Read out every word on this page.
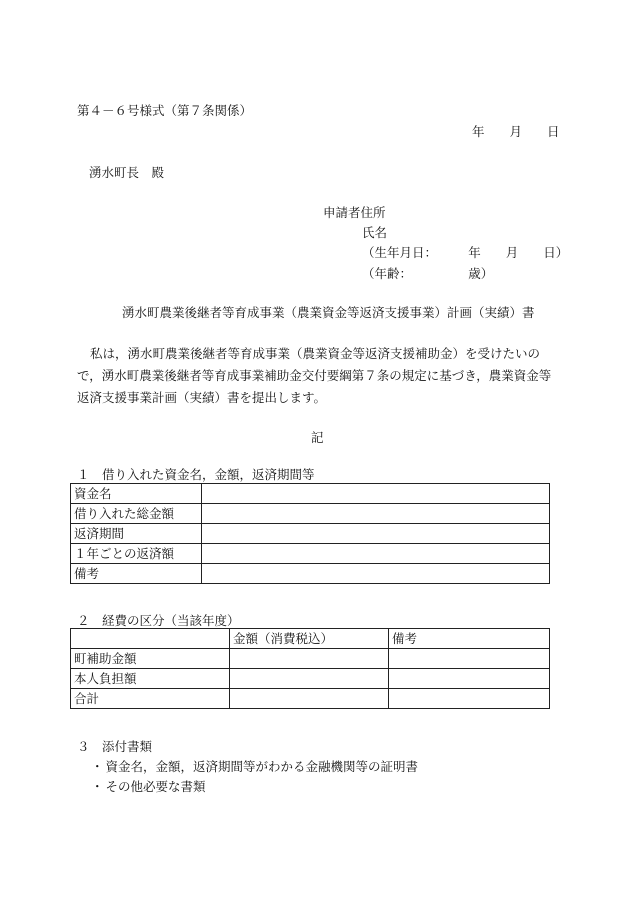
第４－６号様式（第７条関係）
年　　月　　日
湧水町長　殿
申請者住所
氏名
（生年月日：　　　年　　月　　日）
（年齢：　　　　　歳）
湧水町農業後継者等育成事業（農業資金等返済支援事業）計画（実績）書
私は，湧水町農業後継者等育成事業（農業資金等返済支援補助金）を受けたいので，湧水町農業後継者等育成事業補助金交付要綱第７条の規定に基づき，農業資金等返済支援事業計画（実績）書を提出します。
記
１　借り入れた資金名，金額，返済期間等
資金名	
借り入れた総金額	
返済期間	
１年ごとの返済額	
備考	
２　経費の区分（当該年度）
	金額（消費税込）	備考
町補助金額		
本人負担額		
合計		
３　添付書類
・ 資金名，金額，返済期間等がわかる金融機関等の証明書
・ その他必要な書類
